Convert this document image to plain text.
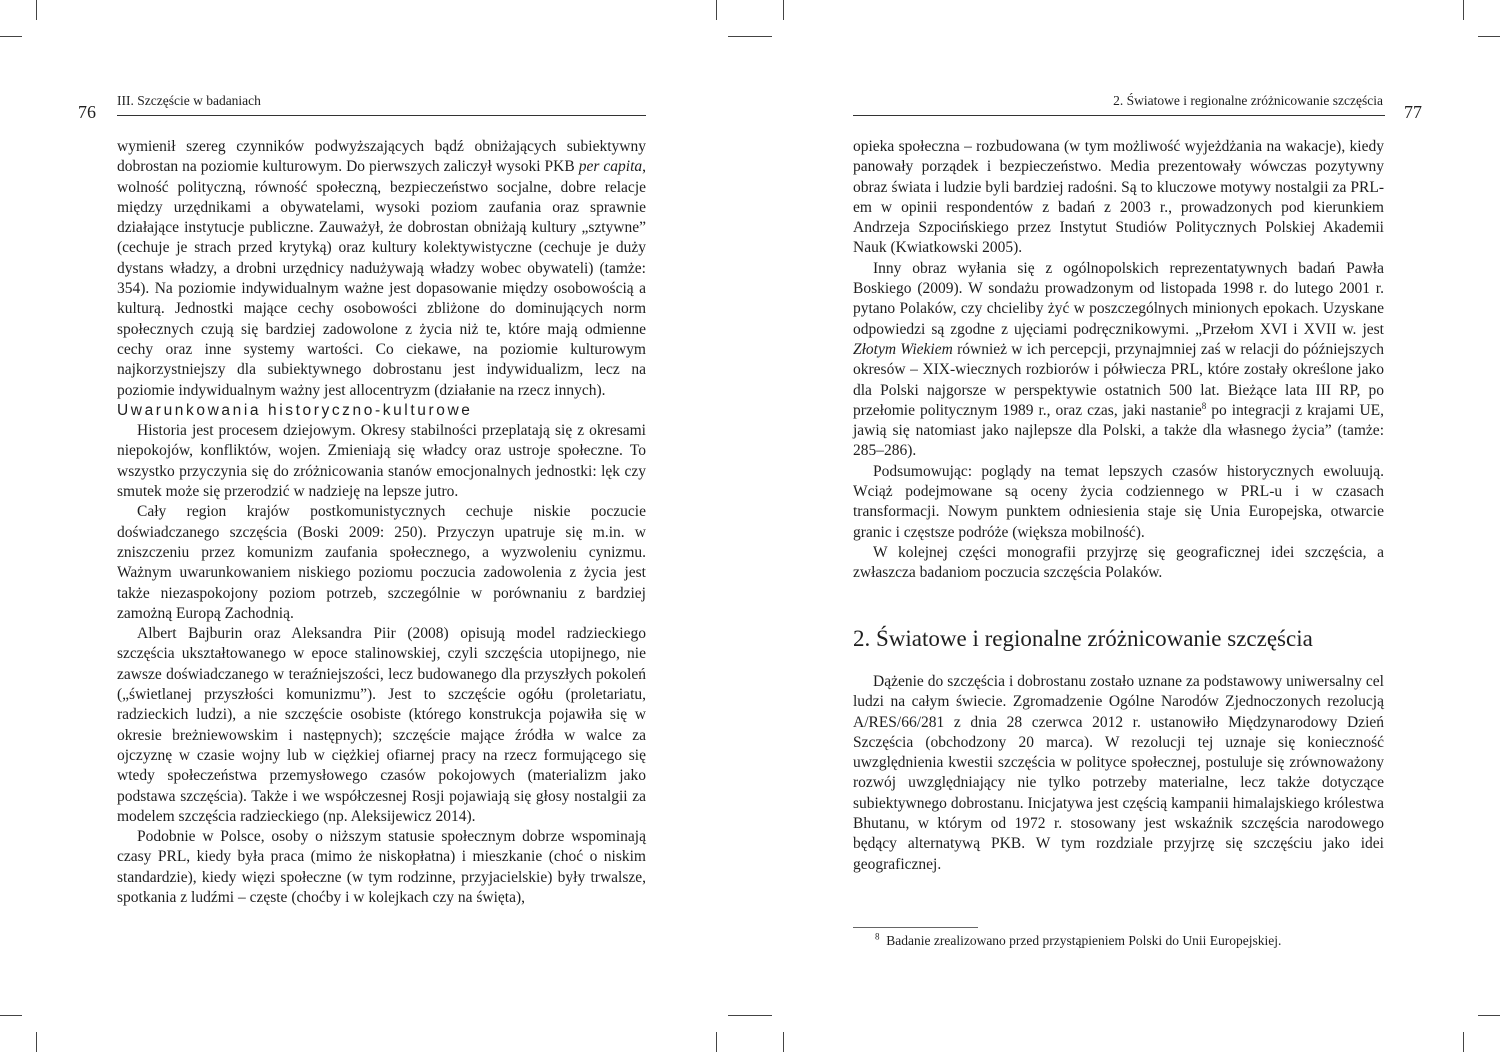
76
III. Szczęście w badaniach

wymienił szereg czynników podwyższających bądź obniżających subiektywny dobrostan na poziomie kulturowym. Do pierwszych zaliczył wysoki PKB per capita, wolność polityczną, równość społeczną, bezpieczeństwo socjalne, dobre relacje między urzędnikami a obywatelami, wysoki poziom zaufania oraz sprawnie działające instytucje publiczne. Zauważył, że dobrostan obniżają kultury „sztywne” (cechuje je strach przed krytyką) oraz kultury kolektywistyczne (cechuje je duży dystans władzy, a drobni urzędnicy nadużywają władzy wobec obywateli) (tamże: 354). Na poziomie indywidualnym ważne jest dopasowanie między osobowością a kulturą. Jednostki mające cechy osobowości zbliżone do dominujących norm społecznych czują się bardziej zadowolone z życia niż te, które mają odmienne cechy oraz inne systemy wartości. Co ciekawe, na poziomie kulturowym najkorzystniejszy dla subiektywnego dobrostanu jest indywidualizm, lecz na poziomie indywidualnym ważny jest allocentryzm (działanie na rzecz innych).

Uwarunkowania historyczno-kulturowe

Historia jest procesem dziejowym. Okresy stabilności przeplatają się z okresami niepokojów, konfliktów, wojen. Zmieniają się władcy oraz ustroje społeczne. To wszystko przyczynia się do zróżnicowania stanów emocjonalnych jednostki: lęk czy smutek może się przerodzić w nadzieję na lepsze jutro.

Cały region krajów postkomunistycznych cechuje niskie poczucie doświadczanego szczęścia (Boski 2009: 250). Przyczyn upatruje się m.in. w zniszczeniu przez komunizm zaufania społecznego, a wyzwoleniu cynizmu. Ważnym uwarunkowaniem niskiego poziomu poczucia zadowolenia z życia jest także niezaspokojony poziom potrzeb, szczególnie w porównaniu z bardziej zamożną Europą Zachodnią.

Albert Bajburin oraz Aleksandra Piir (2008) opisują model radzieckiego szczęścia ukształtowanego w epoce stalinowskiej, czyli szczęścia utopijnego, nie zawsze doświadczanego w teraźniejszości, lecz budowanego dla przyszłych pokoleń („świetlanej przyszłości komunizmu”). Jest to szczęście ogółu (proletariatu, radzieckich ludzi), a nie szczęście osobiste (którego konstrukcja pojawiła się w okresie breżniewowskim i następnych); szczęście mające źródła w walce za ojczyznę w czasie wojny lub w ciężkiej ofiarnej pracy na rzecz formującego się wtedy społeczeństwa przemysłowego czasów pokojowych (materializm jako podstawa szczęścia). Także i we współczesnej Rosji pojawiają się głosy nostalgii za modelem szczęścia radzieckiego (np. Aleksijewicz 2014).

Podobnie w Polsce, osoby o niższym statusie społecznym dobrze wspominają czasy PRL, kiedy była praca (mimo że niskopłatna) i mieszkanie (choć o niskim standardzie), kiedy więzi społeczne (w tym rodzinne, przyjacielskie) były trwalsze, spotkania z ludźmi – częste (choćby i w kolejkach czy na święta),

2. Światowe i regionalne zróżnicowanie szczęścia
77

opieka społeczna – rozbudowana (w tym możliwość wyjeżdżania na wakacje), kiedy panowały porządek i bezpieczeństwo. Media prezentowały wówczas pozytywny obraz świata i ludzie byli bardziej radośni. Są to kluczowe motywy nostalgii za PRL-em w opinii respondentów z badań z 2003 r., prowadzonych pod kierunkiem Andrzeja Szpocińskiego przez Instytut Studiów Politycznych Polskiej Akademii Nauk (Kwiatkowski 2005).

Inny obraz wyłania się z ogólnopolskich reprezentatywnych badań Pawła Boskiego (2009). W sondażu prowadzonym od listopada 1998 r. do lutego 2001 r. pytano Polaków, czy chcieliby żyć w poszczególnych minionych epokach. Uzyskane odpowiedzi są zgodne z ujęciami podręcznikowymi. „Przełom XVI i XVII w. jest Złotym Wiekiem również w ich percepcji, przynajmniej zaś w relacji do późniejszych okresów – XIX-wiecznych rozbiorów i półwiecza PRL, które zostały określone jako dla Polski najgorsze w perspektywie ostatnich 500 lat. Bieżące lata III RP, po przełomie politycznym 1989 r., oraz czas, jaki nastanie$^8$ po integracji z krajami UE, jawią się natomiast jako najlepsze dla Polski, a także dla własnego życia” (tamże: 285–286).

Podsumowując: poglądy na temat lepszych czasów historycznych ewoluują. Wciąż podejmowane są oceny życia codziennego w PRL-u i w czasach transformacji. Nowym punktem odniesienia staje się Unia Europejska, otwarcie granic i częstsze podróże (większa mobilność).

W kolejnej części monografii przyjrzę się geograficznej idei szczęścia, a zwłaszcza badaniom poczucia szczęścia Polaków.

2. Światowe i regionalne zróżnicowanie szczęścia

Dążenie do szczęścia i dobrostanu zostało uznane za podstawowy uniwersalny cel ludzi na całym świecie. Zgromadzenie Ogólne Narodów Zjednoczonych rezolucją A/RES/66/281 z dnia 28 czerwca 2012 r. ustanowiło Międzynarodowy Dzień Szczęścia (obchodzony 20 marca). W rezolucji tej uznaje się konieczność uwzględnienia kwestii szczęścia w polityce społecznej, postuluje się zrównoważony rozwój uwzględniający nie tylko potrzeby materialne, lecz także dotyczące subiektywnego dobrostanu. Inicjatywa jest częścią kampanii himalajskiego królestwa Bhutanu, w którym od 1972 r. stosowany jest wskaźnik szczęścia narodowego będący alternatywą PKB. W tym rozdziale przyjrzę się szczęściu jako idei geograficznej.

$^8$ Badanie zrealizowano przed przystąpieniem Polski do Unii Europejskiej.
